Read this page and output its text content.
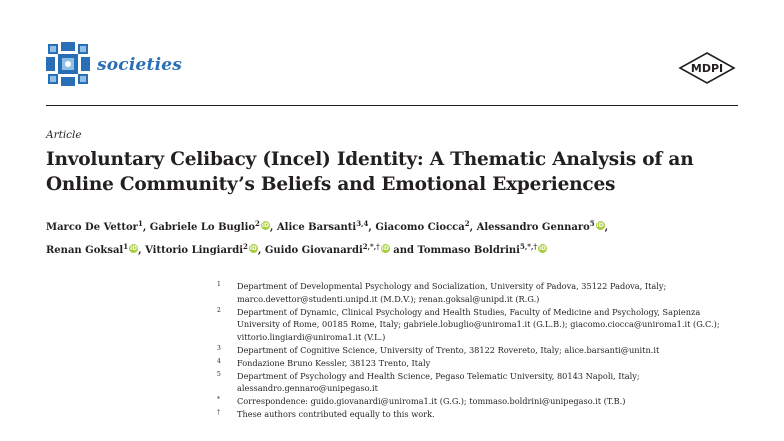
societies	MDPI
Article
Involuntary Celibacy (Incel) Identity: A Thematic Analysis of an Online Community’s Beliefs and Emotional Experiences
Marco De Vettor$^1$, Gabriele Lo Buglio$^2$ iD, Alice Barsanti$^{3,4}$, Giacomo Ciocca$^2$, Alessandro Gennaro$^5$ iD,
Renan Goksal$^1$ iD, Vittorio Lingiardi$^2$ iD, Guido Giovanardi$^{2,*,\dagger}$ iD and Tommaso Boldrini$^{5,*,\dagger}$ iD
1 Department of Developmental Psychology and Socialization, University of Padova, 35122 Padova, Italy; marco.devettor@studenti.unipd.it (M.D.V.); renan.goksal@unipd.it (R.G.)
2 Department of Dynamic, Clinical Psychology and Health Studies, Faculty of Medicine and Psychology, Sapienza University of Rome, 00185 Rome, Italy; gabriele.lobuglio@uniroma1.it (G.L.B.); giacomo.ciocca@uniroma1.it (G.C.); vittorio.lingiardi@uniroma1.it (V.L.)
3 Department of Cognitive Science, University of Trento, 38122 Rovereto, Italy; alice.barsanti@unitn.it
4 Fondazione Bruno Kessler, 38123 Trento, Italy
5 Department of Psychology and Health Science, Pegaso Telematic University, 80143 Napoli, Italy; alessandro.gennaro@unipegaso.it
* Correspondence: guido.giovanardi@uniroma1.it (G.G.); tommaso.boldrini@unipegaso.it (T.B.)
† These authors contributed equally to this work.
